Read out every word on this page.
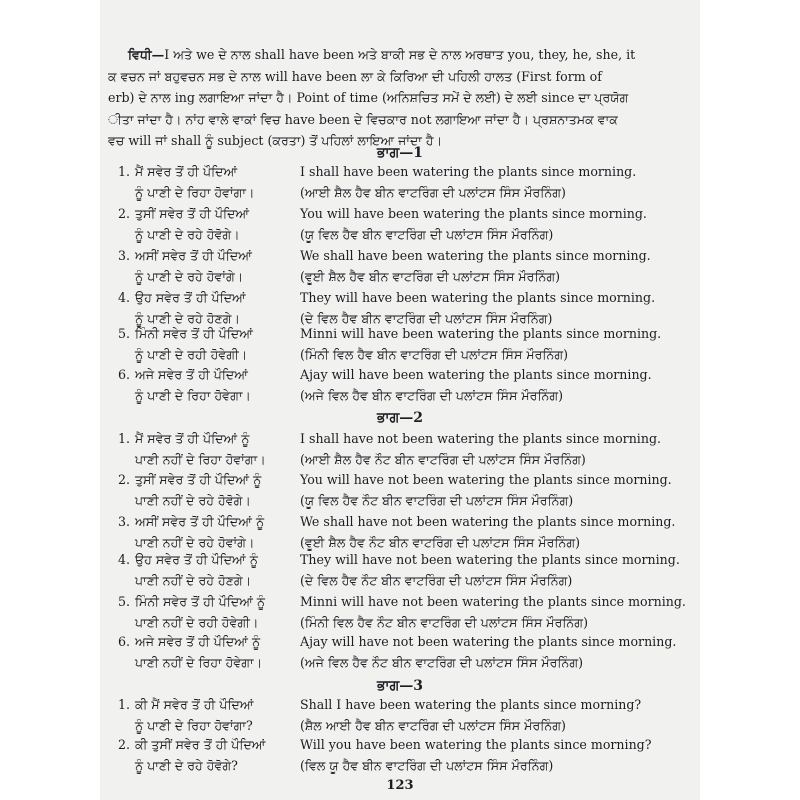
ਵਿਧੀ—I ਅਤੇ we ਦੇ ਨਾਲ shall have been ਅਤੇ ਬਾਕੀ ਸਭ ਦੇ ਨਾਲ ਅਰਥਾਤ you, they, he, she, it

ਕ ਵਚਨ ਜਾਂ ਬਹੁਵਚਨ ਸਭ ਦੇ ਨਾਲ will have been ਲਾ ਕੇ ਕਿਰਿਆ ਦੀ ਪਹਿਲੀ ਹਾਲਤ (First form of

erb) ਦੇ ਨਾਲ ing ਲਗਾਇਆ ਜਾਂਦਾ ਹੈ। Point of time (ਅਨਿਸ਼ਚਿਤ ਸਮੇਂ ਦੇ ਲਈ) ਦੇ ਲਈ since ਦਾ ਪ੍ਰਯੋਗ

ੀਤਾ ਜਾਂਦਾ ਹੈ। ਨਾਂਹ ਵਾਲੇ ਵਾਕਾਂ ਵਿਚ have been ਦੇ ਵਿਚਕਾਰ not ਲਗਾਇਆ ਜਾਂਦਾ ਹੈ। ਪ੍ਰਸ਼ਨਾਤਮਕ ਵਾਕ

ਵਚ will ਜਾਂ shall ਨੂੰ subject (ਕਰਤਾ) ਤੋਂ ਪਹਿਲਾਂ ਲਾਇਆ ਜਾਂਦਾ ਹੈ।

ਭਾਗ—1
1. ਮੈਂ ਸਵੇਰ ਤੋਂ ਹੀ ਪੌਦਿਆਂ
ਨੂੰ ਪਾਣੀ ਦੇ ਰਿਹਾ ਹੋਵਾਂਗਾ।
I shall have been watering the plants since morning.
(ਆਈ ਸ਼ੈਲ ਹੈਵ ਬੀਨ ਵਾਟਰਿੰਗ ਦੀ ਪਲਾਂਟਸ ਸਿੰਸ ਮੌਰਨਿੰਗ)
2. ਤੁਸੀਂ ਸਵੇਰ ਤੋਂ ਹੀ ਪੌਦਿਆਂ
ਨੂੰ ਪਾਣੀ ਦੇ ਰਹੇ ਹੋਵੋਗੇ।
You will have been watering the plants since morning.
(ਯੂ ਵਿਲ ਹੈਵ ਬੀਨ ਵਾਟਰਿੰਗ ਦੀ ਪਲਾਂਟਸ ਸਿੰਸ ਮੌਰਨਿੰਗ)
3. ਅਸੀਂ ਸਵੇਰ ਤੋਂ ਹੀ ਪੌਦਿਆਂ
ਨੂੰ ਪਾਣੀ ਦੇ ਰਹੇ ਹੋਵਾਂਗੇ।
We shall have been watering the plants since morning.
(ਵੂਈ ਸ਼ੈਲ ਹੈਵ ਬੀਨ ਵਾਟਰਿੰਗ ਦੀ ਪਲਾਂਟਸ ਸਿੰਸ ਮੌਰਨਿੰਗ)
4. ਉਹ ਸਵੇਰ ਤੋਂ ਹੀ ਪੌਦਿਆਂ
ਨੂੰ ਪਾਣੀ ਦੇ ਰਹੇ ਹੋਣਗੇ।
They will have been watering the plants since morning.
(ਦੇ ਵਿਲ ਹੈਵ ਬੀਨ ਵਾਟਰਿੰਗ ਦੀ ਪਲਾਂਟਸ ਸਿੰਸ ਮੌਰਨਿੰਗ)
5. ਮਿੰਨੀ ਸਵੇਰ ਤੋਂ ਹੀ ਪੌਦਿਆਂ
ਨੂੰ ਪਾਣੀ ਦੇ ਰਹੀ ਹੋਵੇਗੀ।
Minni will have been watering the plants since morning.
(ਮਿੰਨੀ ਵਿਲ ਹੈਵ ਬੀਨ ਵਾਟਰਿੰਗ ਦੀ ਪਲਾਂਟਸ ਸਿੰਸ ਮੌਰਨਿੰਗ)
6. ਅਜੇ ਸਵੇਰ ਤੋਂ ਹੀ ਪੌਦਿਆਂ
ਨੂੰ ਪਾਣੀ ਦੇ ਰਿਹਾ ਹੋਵੇਗਾ।
Ajay will have been watering the plants since morning.
(ਅਜੇ ਵਿਲ ਹੈਵ ਬੀਨ ਵਾਟਰਿੰਗ ਦੀ ਪਲਾਂਟਸ ਸਿੰਸ ਮੌਰਨਿੰਗ)
ਭਾਗ—2
1. ਮੈਂ ਸਵੇਰ ਤੋਂ ਹੀ ਪੌਦਿਆਂ ਨੂੰ
ਪਾਣੀ ਨਹੀਂ ਦੇ ਰਿਹਾ ਹੋਵਾਂਗਾ।
I shall have not been watering the plants since morning.
(ਆਈ ਸ਼ੈਲ ਹੈਵ ਨੌਟ ਬੀਨ ਵਾਟਰਿੰਗ ਦੀ ਪਲਾਂਟਸ ਸਿੰਸ ਮੌਰਨਿੰਗ)
2. ਤੁਸੀਂ ਸਵੇਰ ਤੋਂ ਹੀ ਪੌਦਿਆਂ ਨੂੰ
ਪਾਣੀ ਨਹੀਂ ਦੇ ਰਹੇ ਹੋਵੋਗੇ।
You will have not been watering the plants since morning.
(ਯੂ ਵਿਲ ਹੈਵ ਨੌਟ ਬੀਨ ਵਾਟਰਿੰਗ ਦੀ ਪਲਾਂਟਸ ਸਿੰਸ ਮੌਰਨਿੰਗ)
3. ਅਸੀਂ ਸਵੇਰ ਤੋਂ ਹੀ ਪੌਦਿਆਂ ਨੂੰ
ਪਾਣੀ ਨਹੀਂ ਦੇ ਰਹੇ ਹੋਵਾਂਗੇ।
We shall have not been watering the plants since morning.
(ਵੂਈ ਸ਼ੈਲ ਹੈਵ ਨੌਟ ਬੀਨ ਵਾਟਰਿੰਗ ਦੀ ਪਲਾਂਟਸ ਸਿੰਸ ਮੌਰਨਿੰਗ)
4. ਉਹ ਸਵੇਰ ਤੋਂ ਹੀ ਪੌਦਿਆਂ ਨੂੰ
ਪਾਣੀ ਨਹੀਂ ਦੇ ਰਹੇ ਹੋਣਗੇ।
They will have not been watering the plants since morning.
(ਦੇ ਵਿਲ ਹੈਵ ਨੌਟ ਬੀਨ ਵਾਟਰਿੰਗ ਦੀ ਪਲਾਂਟਸ ਸਿੰਸ ਮੌਰਨਿੰਗ)
5. ਮਿੰਨੀ ਸਵੇਰ ਤੋਂ ਹੀ ਪੌਦਿਆਂ ਨੂੰ
ਪਾਣੀ ਨਹੀਂ ਦੇ ਰਹੀ ਹੋਵੇਗੀ।
Minni will have not been watering the plants since morning.
(ਮਿੰਨੀ ਵਿਲ ਹੈਵ ਨੌਟ ਬੀਨ ਵਾਟਰਿੰਗ ਦੀ ਪਲਾਂਟਸ ਸਿੰਸ ਮੌਰਨਿੰਗ)
6. ਅਜੇ ਸਵੇਰ ਤੋਂ ਹੀ ਪੌਦਿਆਂ ਨੂੰ
ਪਾਣੀ ਨਹੀਂ ਦੇ ਰਿਹਾ ਹੋਵੇਗਾ।
Ajay will have not been watering the plants since morning.
(ਅਜੇ ਵਿਲ ਹੈਵ ਨੌਟ ਬੀਨ ਵਾਟਰਿੰਗ ਦੀ ਪਲਾਂਟਸ ਸਿੰਸ ਮੌਰਨਿੰਗ)
ਭਾਗ—3
1. ਕੀ ਮੈਂ ਸਵੇਰ ਤੋਂ ਹੀ ਪੌਦਿਆਂ
ਨੂੰ ਪਾਣੀ ਦੇ ਰਿਹਾ ਹੋਵਾਂਗਾ?
Shall I have been watering the plants since morning?
(ਸ਼ੈਲ ਆਈ ਹੈਵ ਬੀਨ ਵਾਟਰਿੰਗ ਦੀ ਪਲਾਂਟਸ ਸਿੰਸ ਮੌਰਨਿੰਗ)
2. ਕੀ ਤੁਸੀਂ ਸਵੇਰ ਤੋਂ ਹੀ ਪੌਦਿਆਂ
ਨੂੰ ਪਾਣੀ ਦੇ ਰਹੇ ਹੋਵੋਗੇ?
Will you have been watering the plants since morning?
(ਵਿਲ ਯੂ ਹੈਵ ਬੀਨ ਵਾਟਰਿੰਗ ਦੀ ਪਲਾਂਟਸ ਸਿੰਸ ਮੌਰਨਿੰਗ)
123
